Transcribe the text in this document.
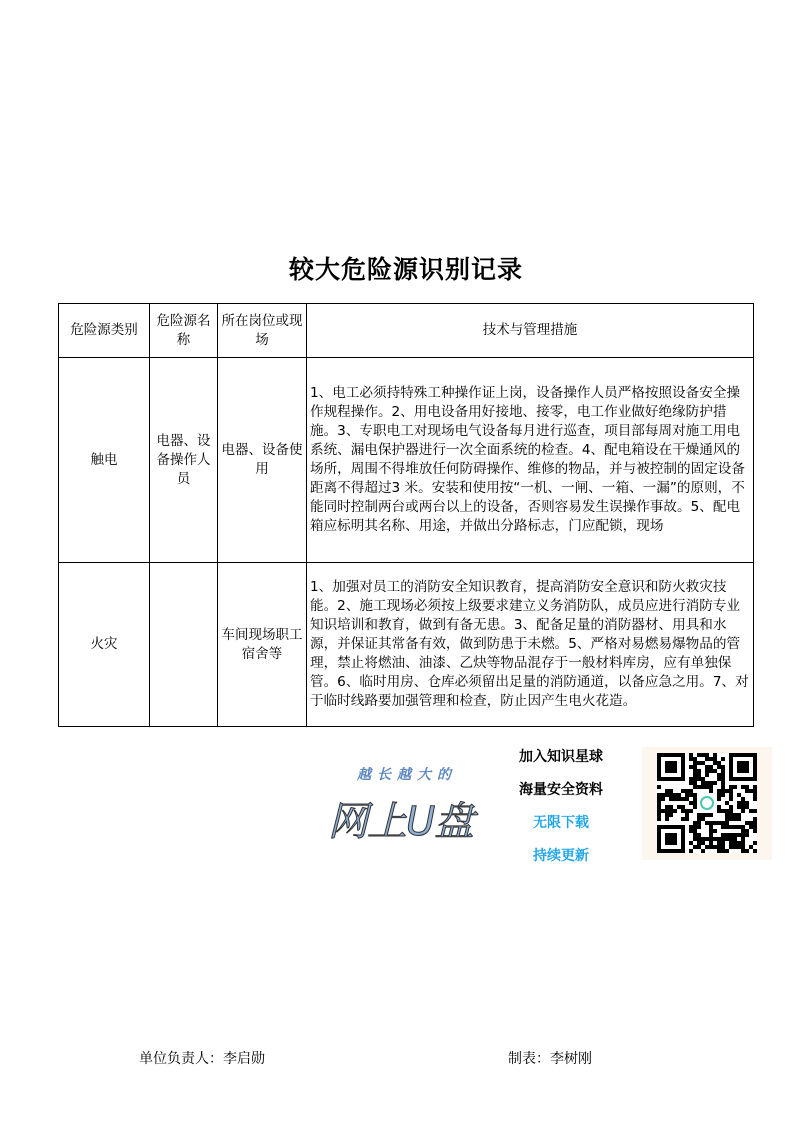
较大危险源识别记录
危险源类别	危险源名称	所在岗位或现场	技术与管理措施
触电	电器、设备操作人员	电器、设备使用	1、电工必须持特殊工种操作证上岗，设备操作人员严格按照设备安全操作规程操作。2、用电设备用好接地、接零，电工作业做好绝缘防护措施。3、专职电工对现场电气设备每月进行巡查，项目部每周对施工用电系统、漏电保护器进行一次全面系统的检查。4、配电箱设在干燥通风的场所，周围不得堆放任何防碍操作、维修的物品，并与被控制的固定设备距离不得超过3 米。安装和使用按“一机、一闸、一箱、一漏”的原则，不能同时控制两台或两台以上的设备，否则容易发生误操作事故。5、配电箱应标明其名称、用途，并做出分路标志，门应配锁，现场
火灾		车间现场职工宿舍等	1、加强对员工的消防安全知识教育，提高消防安全意识和防火救灾技能。2、施工现场必须按上级要求建立义务消防队，成员应进行消防专业知识培训和教育，做到有备无患。3、配备足量的消防器材、用具和水源，并保证其常备有效，做到防患于未燃。5、严格对易燃易爆物品的管理，禁止将燃油、油漆、乙炔等物品混存于一般材料库房，应有单独保管。6、临时用房、仓库必须留出足量的消防通道，以备应急之用。7、对于临时线路要加强管理和检查，防止因产生电火花造。
越长越大的
网上U盘
加入知识星球
海量安全资料
无限下载
持续更新
单位负责人：李启勋	制表：李树刚
